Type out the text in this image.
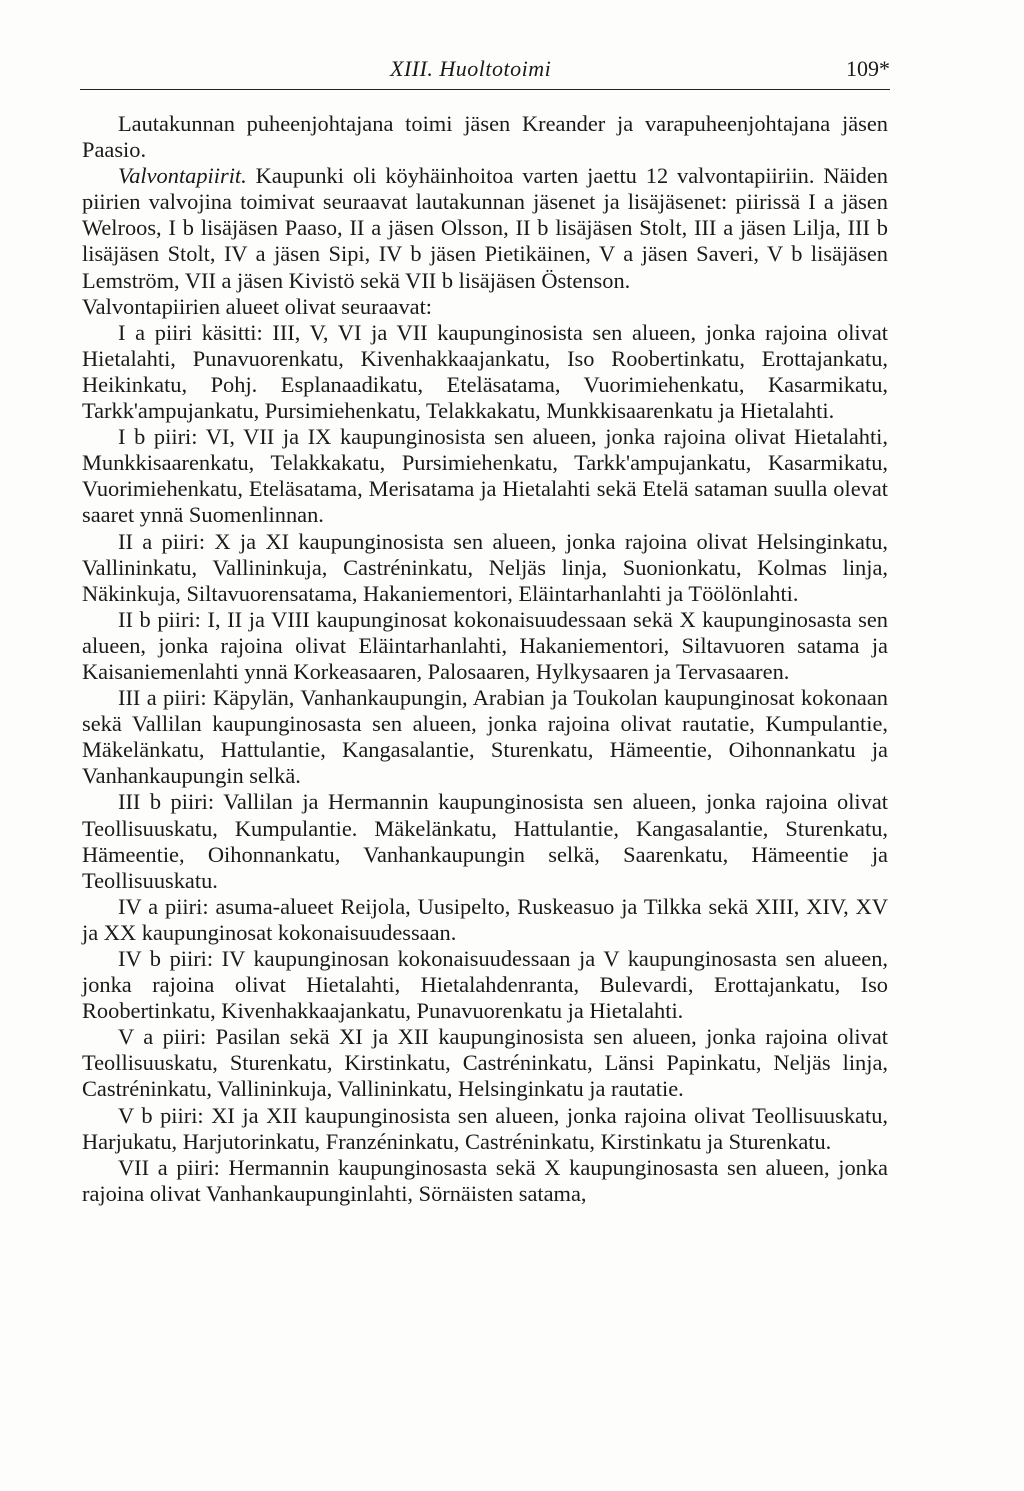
XIII. Huoltotoimi	109*

Lautakunnan puheenjohtajana toimi jäsen Kreander ja varapuheenjohtajana jäsen Paasio.

Valvontapiirit. Kaupunki oli köyhäinhoitoa varten jaettu 12 valvontapiiriin. Näiden piirien valvojina toimivat seuraavat lautakunnan jäsenet ja lisäjäsenet: piirissä I a jäsen Welroos, I b lisäjäsen Paaso, II a jäsen Olsson, II b lisäjäsen Stolt, III a jäsen Lilja, III b lisäjäsen Stolt, IV a jäsen Sipi, IV b jäsen Pietikäinen, V a jäsen Saveri, V b lisäjäsen Lemström, VII a jäsen Kivistö sekä VII b lisäjäsen Östenson.

Valvontapiirien alueet olivat seuraavat:

I a piiri käsitti: III, V, VI ja VII kaupunginosista sen alueen, jonka rajoina olivat Hietalahti, Punavuorenkatu, Kivenhakkaajankatu, Iso Roobertinkatu, Erottajankatu, Heikinkatu, Pohj. Esplanaadikatu, Eteläsatama, Vuorimiehenkatu, Kasarmikatu, Tarkk'ampujankatu, Pursimiehenkatu, Telakkakatu, Munkkisaarenkatu ja Hietalahti.

I b piiri: VI, VII ja IX kaupunginosista sen alueen, jonka rajoina olivat Hietalahti, Munkkisaarenkatu, Telakkakatu, Pursimiehenkatu, Tarkk'ampujankatu, Kasarmikatu, Vuorimiehenkatu, Eteläsatama, Merisatama ja Hietalahti sekä Etelä sataman suulla olevat saaret ynnä Suomenlinnan.

II a piiri: X ja XI kaupunginosista sen alueen, jonka rajoina olivat Helsinginkatu, Vallininkatu, Vallininkuja, Castréninkatu, Neljäs linja, Suonionkatu, Kolmas linja, Näkinkuja, Siltavuorensatama, Hakaniementori, Eläintarhanlahti ja Töölönlahti.

II b piiri: I, II ja VIII kaupunginosat kokonaisuudessaan sekä X kaupunginosasta sen alueen, jonka rajoina olivat Eläintarhanlahti, Hakaniementori, Siltavuoren satama ja Kaisaniemenlahti ynnä Korkeasaaren, Palosaaren, Hylkysaaren ja Tervasaaren.

III a piiri: Käpylän, Vanhankaupungin, Arabian ja Toukolan kaupunginosat kokonaan sekä Vallilan kaupunginosasta sen alueen, jonka rajoina olivat rautatie, Kumpulantie, Mäkelänkatu, Hattulantie, Kangasalantie, Sturenkatu, Hämeentie, Oihonnankatu ja Vanhankaupungin selkä.

III b piiri: Vallilan ja Hermannin kaupunginosista sen alueen, jonka rajoina olivat Teollisuuskatu, Kumpulantie. Mäkelänkatu, Hattulantie, Kangasalantie, Sturenkatu, Hämeentie, Oihonnankatu, Vanhankaupungin selkä, Saarenkatu, Hämeentie ja Teollisuuskatu.

IV a piiri: asuma-alueet Reijola, Uusipelto, Ruskeasuo ja Tilkka sekä XIII, XIV, XV ja XX kaupunginosat kokonaisuudessaan.

IV b piiri: IV kaupunginosan kokonaisuudessaan ja V kaupunginosasta sen alueen, jonka rajoina olivat Hietalahti, Hietalahdenranta, Bulevardi, Erottajankatu, Iso Roobertinkatu, Kivenhakkaajankatu, Punavuorenkatu ja Hietalahti.

V a piiri: Pasilan sekä XI ja XII kaupunginosista sen alueen, jonka rajoina olivat Teollisuuskatu, Sturenkatu, Kirstinkatu, Castréninkatu, Länsi Papinkatu, Neljäs linja, Castréninkatu, Vallininkuja, Vallininkatu, Helsinginkatu ja rautatie.

V b piiri: XI ja XII kaupunginosista sen alueen, jonka rajoina olivat Teollisuuskatu, Harjukatu, Harjutorinkatu, Franzéninkatu, Castréninkatu, Kirstinkatu ja Sturenkatu.

VII a piiri: Hermannin kaupunginosasta sekä X kaupunginosasta sen alueen, jonka rajoina olivat Vanhankaupunginlahti, Sörnäisten satama,
